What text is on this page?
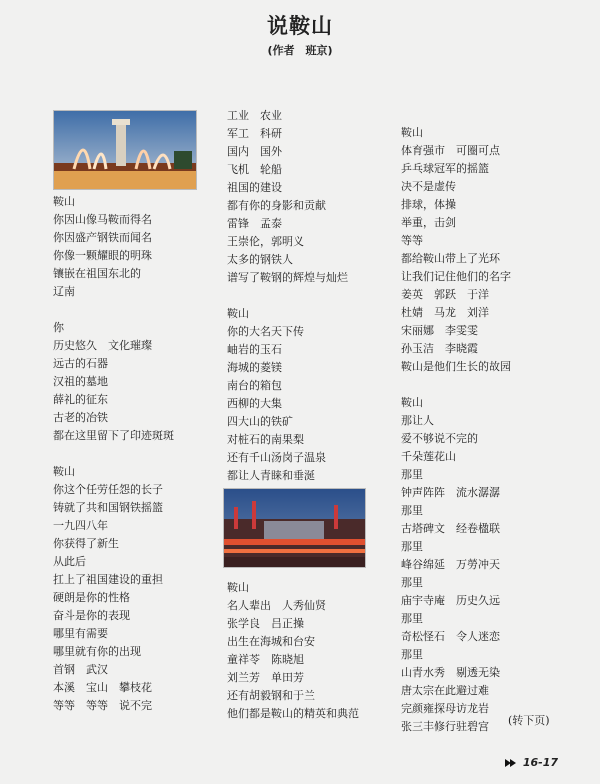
说鞍山
(作者　班京)
鞍山
你因山像马鞍而得名
你因盛产钢铁而闻名
你像一颗耀眼的明珠
镶嵌在祖国东北的
辽南
你
历史悠久　文化璀璨
远古的石器
汉祖的墓地
薛礼的征东
古老的冶铁
都在这里留下了印迹斑斑
鞍山
你这个任劳任怨的长子
铸就了共和国钢铁摇篮
一九四八年
你获得了新生
从此后
扛上了祖国建设的重担
硬朗是你的性格
奋斗是你的表现
哪里有需要
哪里就有你的出现
首钢　武汉
本溪　宝山　攀枝花
等等　等等　说不完
工业　农业
军工　科研
国内　国外
飞机　轮船
祖国的建设
都有你的身影和贡献
雷锋　孟泰
王崇伦，郭明义
太多的钢铁人
谱写了鞍钢的辉煌与灿烂
鞍山
你的大名天下传
岫岩的玉石
海城的菱镁
南台的箱包
西柳的大集
四大山的铁矿
对桩石的南果梨
还有千山汤岗子温泉
都让人青睐和垂涎
鞍山
名人辈出　人秀仙贤
张学良　吕正操
出生在海城和台安
童祥苓　陈晓旭
刘兰芳　单田芳
还有胡毅钢和于兰
他们都是鞍山的精英和典范
鞍山
体育强市　可圈可点
乒乓球冠军的摇篮
决不是虚传
排球，体操
举重，击剑
等等
都给鞍山带上了光环
让我们记住他们的名字
姜英　郭跃　于洋
杜婧　马龙　刘洋
宋丽娜　李雯雯
孙玉洁　李晓霞
鞍山是他们生长的故园
鞍山
那让人
爱不够说不完的
千朵莲花山
那里
钟声阵阵　流水潺潺
那里
古塔碑文　经卷楹联
那里
峰谷绵延　万勞冲天
那里
庙宇寺庵　历史久远
那里
奇松怪石　令人迷恋
那里
山青水秀　剔透无染
唐太宗在此避过难
完颜雍探母访龙岩
张三丰修行驻碧宫	(转下页)
16-17
